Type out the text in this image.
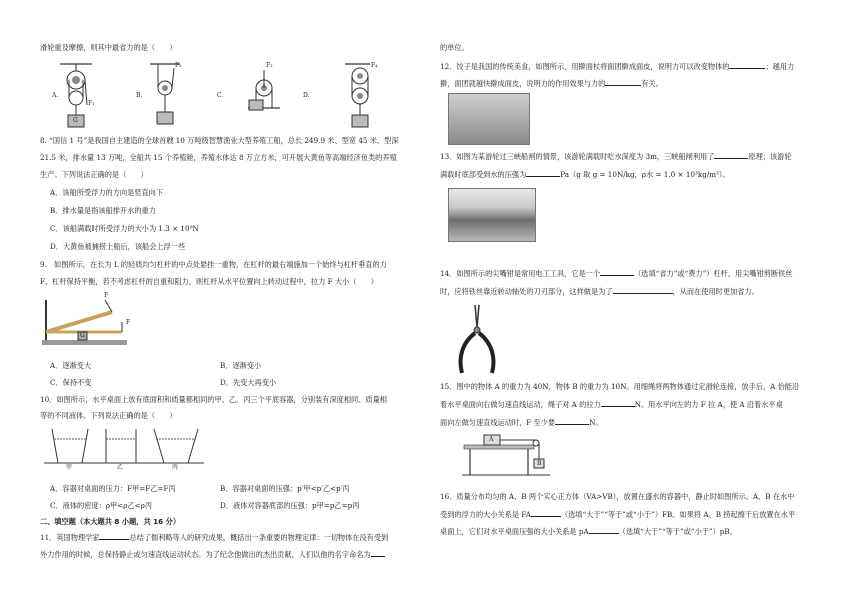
滑轮重及摩擦，则其中最省力的是（　　）
A.	B.	C.	D.
F₁
F₂	F₃	F₄
G
8. “国信 1 号”是我国自主建造的全球首艘 10 万吨级智慧渔业大型养殖工船，总长 249.9 米、型宽 45 米、型深
21.5 米，排水量 13 万吨，全船共 15 个养殖舱，养殖水体达 8 万立方米，可开展大黄鱼等高端经济鱼类的养殖
生产。下列说法正确的是（　　）
A．该船所受浮力的方向是竖直向下
B．排水量是指该船排开水的重力
C．该船满载时所受浮力的大小为 1.3 × 10⁹N
D．大黄鱼被捕捞上船后，该船会上浮一些
9.　如图所示，在长为 L 的轻质均匀杠杆的中点处悬挂一重物，在杠杆的最右端施加一个始终与杠杆垂直的力
F，杠杆保持平衡，若不考虑杠杆的自重和阻力，则杠杆从水平位置向上转动过程中，拉力 F 大小（　　）
F
F
G
A．逐渐变大	B．逐渐变小
C．保持不变	D．先变大再变小
10．如图所示，水平桌面上放有底面积和质量都相同的甲、乙、丙三个平底容器，分别装有深度相同、质量相
等的不同液体。下列说法正确的是（　　）
甲	乙	丙
A．容器对桌面的压力：F甲=F乙=F丙	B．容器对桌面的压强：p′甲<p′乙<p′丙
C．液体的密度：ρ甲<ρ乙<ρ丙	D．液体对容器底部的压强：p甲=p乙=p丙
二、填空题（本大题共 8 小题，共 16 分）
11．英国物理学家	总结了伽利略等人的研究成果，概括出一条重要的物理定律：一切物体在没有受到
外力作用的时候，总保持静止或匀速直线运动状态。为了纪念他做出的杰出贡献，人们以他的名字命名为
的单位。
12．饺子是我国的传统美食，如图所示，用擀面杖将面团擀成面皮，说明力可以改变物体的	；越用力
擀，面团就越快擀成面皮，说明力的作用效果与力的	有关。
13．如图为某游轮过三峡船闸的情景，该游轮满载时吃水深度为 3m，三峡船闸利用了	原理；该游轮
满载时底部受到水的压强为	Pa（g 取 g = 10N/kg，ρ水 = 1.0 × 10³kg/m³）。
14．如图所示的尖嘴钳是常用电工工具，它是一个	（选填“省力”或“费力”）杠杆，用尖嘴钳剪断铁丝
时，应将铁丝靠近转动轴处的刀刃部分，这样做是为了	，从而在使用时更加省力。
15．图中的物体 A 的重力为 40N，物体 B 的重力为 10N。用细绳将两物体通过定滑轮连接，放手后，A 恰能沿
着水平桌面向右做匀速直线运动，绳子对 A 的拉力	N。用水平向左的力 F 拉 A，使 A 沿着水平桌
面向左做匀速直线运动时，F 至少要	N。
A
B
16．质量分布均匀的 A、B 两个实心正方体（VA>VB），放置在盛水的容器中，静止时如图所示。A、B 在水中
受到的浮力的大小关系是 FA	（选填“大于”“等于”或“小于”）FB。如果将 A、B 捞起擦干后放置在水平
桌面上，它们对水平桌面压强的大小关系是 pA	（选填“大于”“等于”或“小于”）pB。
